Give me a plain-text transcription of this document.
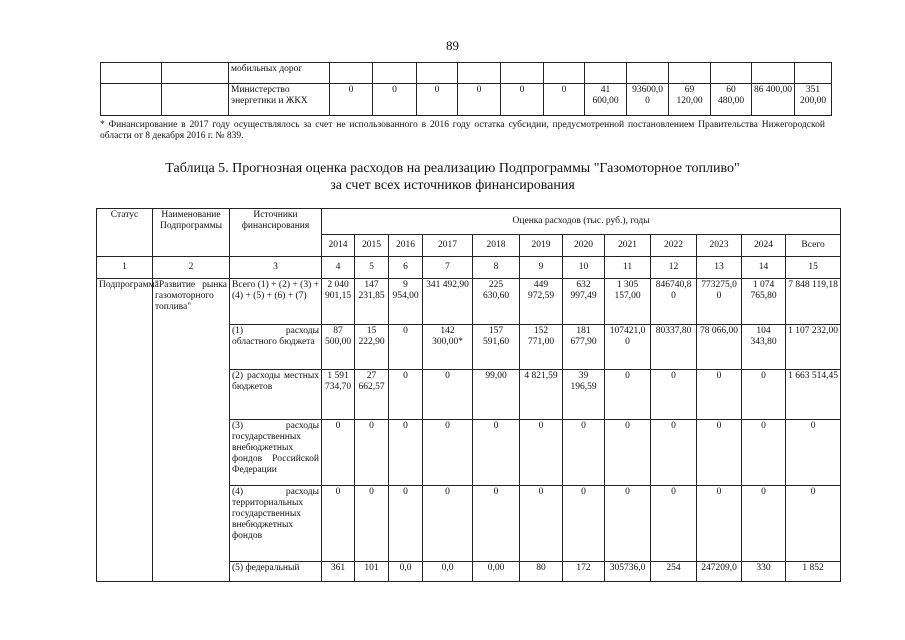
89
		мобильных дорог												
		Министерство энергетики и ЖКХ	0	0	0	0	0	0	41 600,00	93600,0 0	69 120,00	60 480,00	86 400,00	351 200,00
* Финансирование в 2017 году осуществлялось за счет не использованного в 2016 году остатка субсидии, предусмотренной постановлением Правительства Нижегородской области от 8 декабря 2016 г. № 839.
Таблица 5. Прогнозная оценка расходов на реализацию Подпрограммы "Газомоторное топливо"
за счет всех источников финансирования
Статус	Наименование Подпрограммы	Источники финансирования	Оценка расходов (тыс. руб.), годы											
			2014	2015	2016	2017	2018	2019	2020	2021	2022	2023	2024	Всего
1	2	3	4	5	6	7	8	9	10	11	12	13	14	15
Подпрограмма	"Развитие рынка газомоторного топлива"	Всего (1) + (2) + (3) + (4) + (5) + (6) + (7)	2 040 901,15	147 231,85	9 954,00	341 492,90	225 630,60	449 972,59	632 997,49	1 305 157,00	846740,8 0	773275,0 0	1 074 765,80	7 848 119,18
		(1) расходы областного бюджета	87 500,00	15 222,90	0	142 300,00*	157 591,60	152 771,00	181 677,90	107421,0 0	80337,80	78 066,00	104 343,80	1 107 232,00
		(2) расходы местных бюджетов	1 591 734,70	27 662,57	0	0	99,00	4 821,59	39 196,59	0	0	0	0	1 663 514,45
		(3) расходы государственных внебюджетных фондов Российской Федерации	0	0	0	0	0	0	0	0	0	0	0	0
		(4) расходы территориальных государственных внебюджетных фондов	0	0	0	0	0	0	0	0	0	0	0	0
		(5) федеральный	361	101	0,0	0,0	0,00	80	172	305736,0	254	247209,0	330	1 852
